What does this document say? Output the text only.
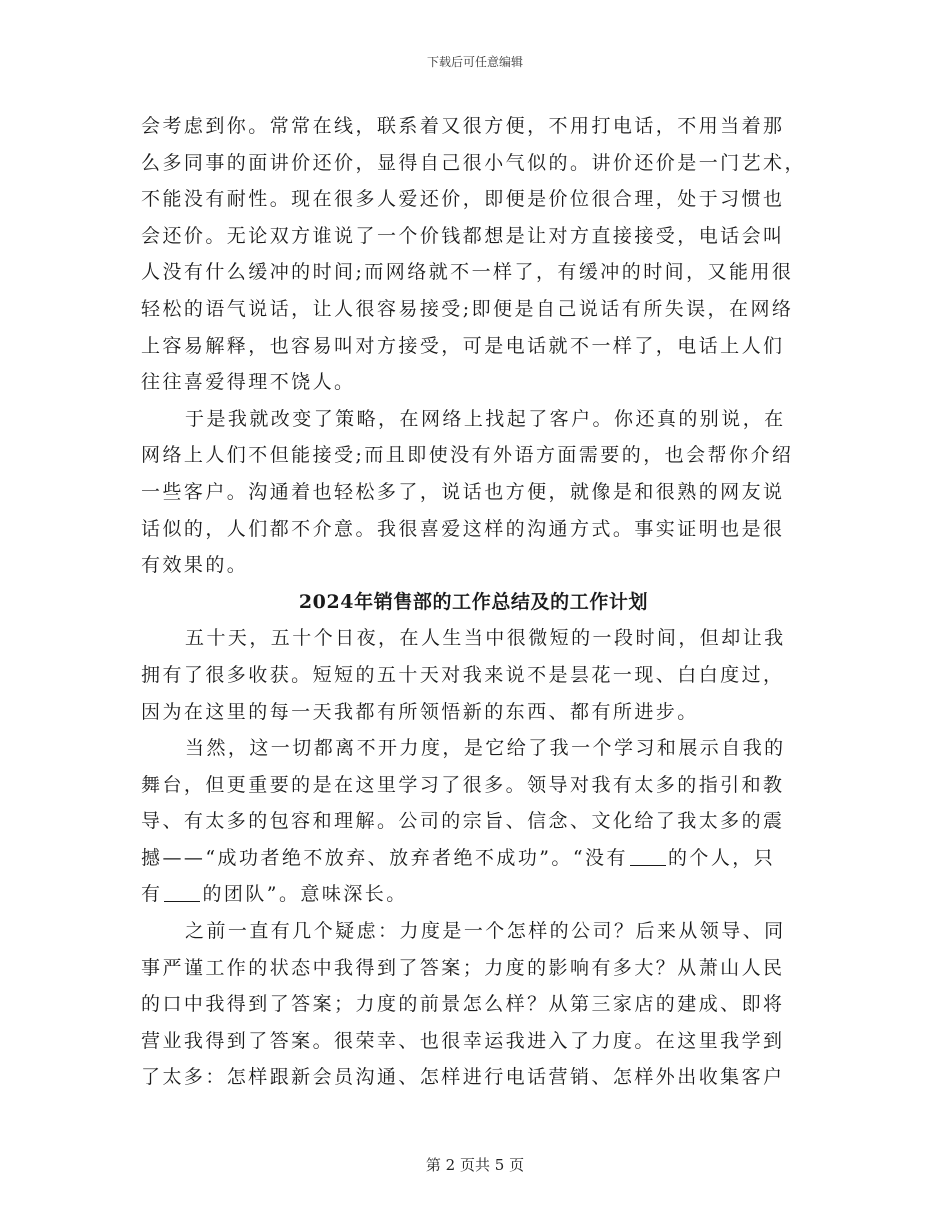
下载后可任意编辑
会考虑到你。常常在线，联系着又很方便，不用打电话，不用当着那
么多同事的面讲价还价，显得自己很小气似的。讲价还价是一门艺术，
不能没有耐性。现在很多人爱还价，即便是价位很合理，处于习惯也
会还价。无论双方谁说了一个价钱都想是让对方直接接受，电话会叫
人没有什么缓冲的时间;而网络就不一样了，有缓冲的时间，又能用很
轻松的语气说话，让人很容易接受;即便是自己说话有所失误，在网络
上容易解释，也容易叫对方接受，可是电话就不一样了，电话上人们
往往喜爱得理不饶人。
于是我就改变了策略，在网络上找起了客户。你还真的别说，在
网络上人们不但能接受;而且即使没有外语方面需要的，也会帮你介绍
一些客户。沟通着也轻松多了，说话也方便，就像是和很熟的网友说
话似的，人们都不介意。我很喜爱这样的沟通方式。事实证明也是很
有效果的。
2024年销售部的工作总结及的工作计划
五十天，五十个日夜，在人生当中很微短的一段时间，但却让我
拥有了很多收获。短短的五十天对我来说不是昙花一现、白白度过，
因为在这里的每一天我都有所领悟新的东西、都有所进步。
当然，这一切都离不开力度，是它给了我一个学习和展示自我的
舞台，但更重要的是在这里学习了很多。领导对我有太多的指引和教
导、有太多的包容和理解。公司的宗旨、信念、文化给了我太多的震
撼——“成功者绝不放弃、放弃者绝不成功”。“没有 的个人，只
有 的团队”。意味深长。
之前一直有几个疑虑：力度是一个怎样的公司？后来从领导、同
事严谨工作的状态中我得到了答案；力度的影响有多大？从萧山人民
的口中我得到了答案；力度的前景怎么样？从第三家店的建成、即将
营业我得到了答案。很荣幸、也很幸运我进入了力度。在这里我学到
了太多：怎样跟新会员沟通、怎样进行电话营销、怎样外出收集客户
第 2 页共 5 页
